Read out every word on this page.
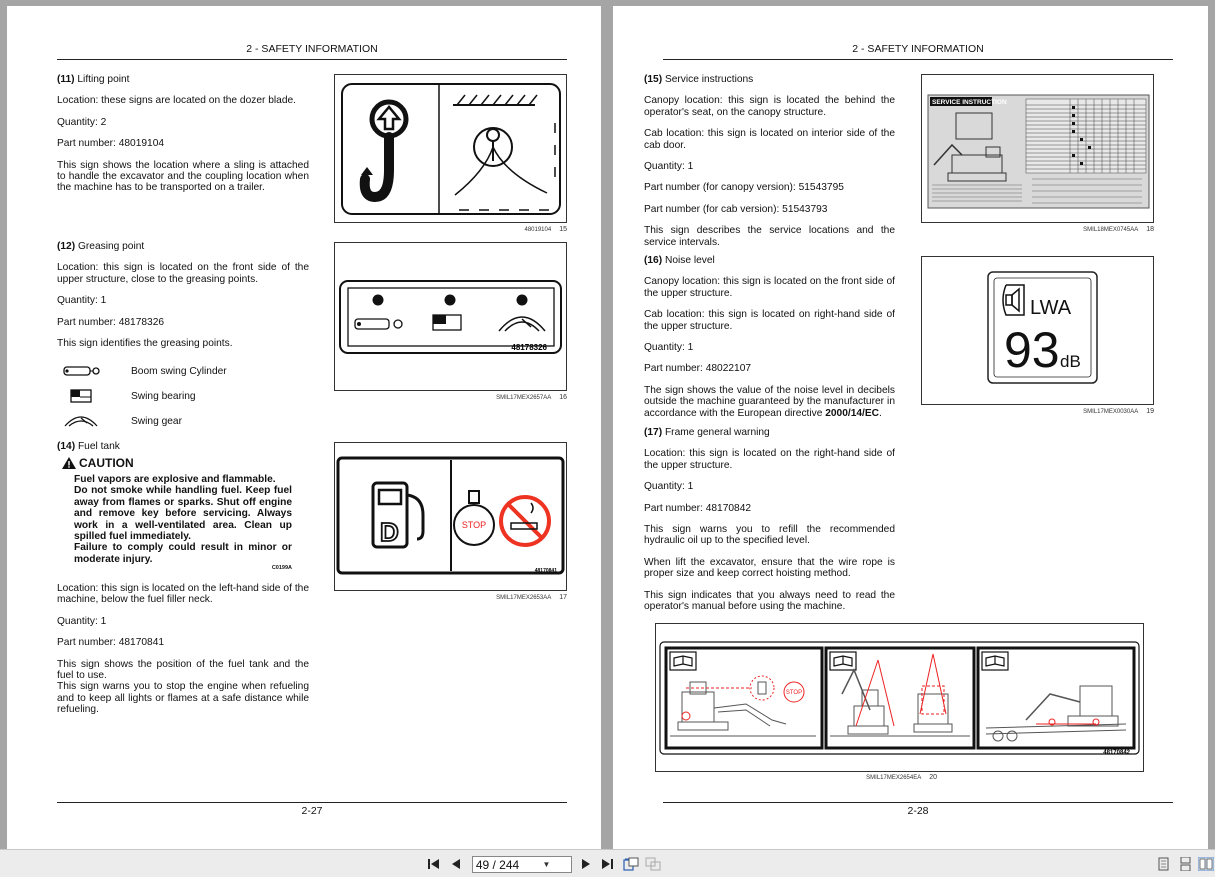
2 - SAFETY INFORMATION

(11) Lifting point

Location: these signs are located on the dozer blade.

Quantity: 2

Part number: 48019104

This sign shows the location where a sling is attached to handle the excavator and the coupling location when the machine has to be transported on a trailer.

48019104 15

(12) Greasing point

Location: this sign is located on the front side of the upper structure, close to the greasing points.

Quantity: 1

Part number: 48178326

This sign identifies the greasing points.

Boom swing Cylinder
Swing bearing
Swing gear
48178326
SMIL17MEX2657AA 16

(14) Fuel tank

CAUTION

Fuel vapors are explosive and flammable.

Do not smoke while handling fuel. Keep fuel away from flames or sparks. Shut off engine and remove key before servicing. Always work in a well-ventilated area. Clean up spilled fuel immediately.

Failure to comply could result in minor or moderate injury.

C0199A

Location: this sign is located on the left-hand side of the machine, below the fuel filler neck.

Quantity: 1

Part number: 48170841

This sign shows the position of the fuel tank and the fuel to use.

This sign warns you to stop the engine when refueling and to keep all lights or flames at a safe distance while refueling.

D	STOP
48170841
SMIL17MEX2653AA 17
2-27
2 - SAFETY INFORMATION

(15) Service instructions

Canopy location: this sign is located the behind the operator's seat, on the canopy structure.

Cab location: this sign is located on interior side of the cab door.

Quantity: 1

Part number (for canopy version): 51543795

Part number (for cab version): 51543793

This sign describes the service locations and the service intervals.

SERVICE INSTRUCTION
SMIL18MEX0745AA 18

(16) Noise level

Canopy location: this sign is located on the front side of the upper structure.

Cab location: this sign is located on right-hand side of the upper structure.

Quantity: 1

Part number: 48022107

The sign shows the value of the noise level in decibels outside the machine guaranteed by the manufacturer in accordance with the European directive 2000/14/EC.

LWA
93 dB
SMIL17MEX0030AA 19

(17) Frame general warning

Location: this sign is located on the right-hand side of the upper structure.

Quantity: 1

Part number: 48170842

This sign warns you to refill the recommended hydraulic oil up to the specified level.

When lift the excavator, ensure that the wire rope is proper size and keep correct hoisting method.

This sign indicates that you always need to read the operator's manual before using the machine.

STOP
48170842
SMIL17MEX2654EA 20
2-28
49 / 244	▼
